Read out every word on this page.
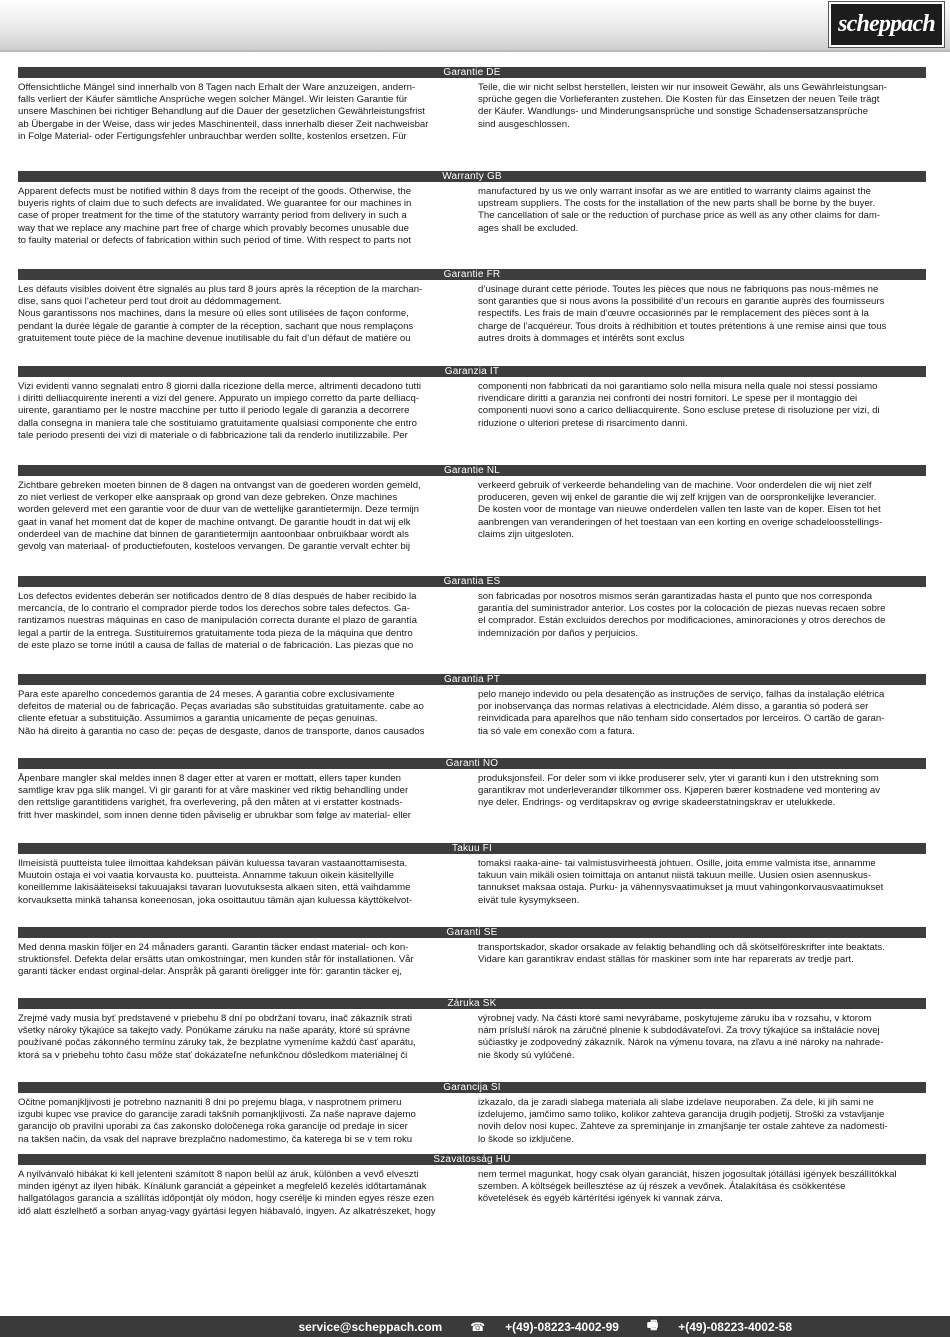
scheppach
Garantie DE
Offensichtliche Mängel sind innerhalb von 8 Tagen nach Erhalt der Ware anzuzeigen, andern-
falls verliert der Käufer sämtliche Ansprüche wegen solcher Mängel. Wir leisten Garantie für
unsere Maschinen bei richtiger Behandlung auf die Dauer der gesetzlichen Gewährleistungsfrist
ab Übergabe in der Weise, dass wir jedes Maschinenteil, dass innerhalb dieser Zeit nachweisbar
in Folge Material- oder Fertigungsfehler unbrauchbar werden sollte, kostenlos ersetzen. Für
Teile, die wir nicht selbst herstellen, leisten wir nur insoweit Gewähr, als uns Gewährleistungsan-
sprüche gegen die Vorlieferanten zustehen. Die Kosten für das Einsetzen der neuen Teile trägt
der Käufer. Wandlungs- und Minderungsansprüche und sonstige Schadensersatzansprüche
sind ausgeschlossen.
Warranty GB
Apparent defects must be notified within 8 days from the receipt of the goods. Otherwise, the
buyeris rights of claim due to such defects are invalidated. We guarantee for our machines in
case of proper treatment for the time of the statutory warranty period from delivery in such a
way that we replace any machine part free of charge which provably becomes unusable due
to faulty material or defects of fabrication within such period of time. With respect to parts not
manufactured by us we only warrant insofar as we are entitled to warranty claims against the
upstream suppliers. The costs for the installation of the new parts shall be borne by the buyer.
The cancellation of sale or the reduction of purchase price as well as any other claims for dam-
ages shall be excluded.
Garantie FR
Les défauts visibles doivent être signalés au plus tard 8 jours après la réception de la marchan-
dise, sans quoi l’acheteur perd tout droit au dédommagement.
Nous garantissons nos machines, dans la mesure où elles sont utilisées de façon conforme,
pendant la durée légale de garantie à compter de la réception, sachant que nous remplaçons
gratuitement toute pièce de la machine devenue inutilisable du fait d’un défaut de matière ou
d’usinage durant cette période. Toutes les pièces que nous ne fabriquons pas nous-mêmes ne
sont garanties que si nous avons la possibilité d’un recours en garantie auprès des fournisseurs
respectifs. Les frais de main d’œuvre occasionnés par le remplacement des pièces sont à la
charge de l’acquéreur. Tous droits à rédhibition et toutes prétentions à une remise ainsi que tous
autres droits à dommages et intérêts sont exclus
Garanzia IT
Vizi evidenti vanno segnalati entro 8 giorni dalla ricezione della merce, altrimenti decadono tutti
i diritti delliacquirente inerenti a vizi del genere. Appurato un impiego corretto da parte delliacq-
uirente, garantiamo per le nostre macchine per tutto il periodo legale di garanzia a decorrere
dalla consegna in maniera tale che sostituiamo gratuitamente qualsiasi componente che entro
tale periodo presenti dei vizi di materiale o di fabbricazione tali da renderlo inutilizzabile. Per
componenti non fabbricati da noi garantiamo solo nella misura nella quale noi stessi possiamo
rivendicare diritti a garanzia nei confronti dei nostri fornitori. Le spese per il montaggio dei
componenti nuovi sono a carico delliacquirente. Sono escluse pretese di risoluzione per vizi, di
riduzione o ulteriori pretese di risarcimento danni.
Garantie NL
Zichtbare gebreken moeten binnen de 8 dagen na ontvangst van de goederen worden gemeld,
zo niet verliest de verkoper elke aanspraak op grond van deze gebreken. Onze machines
worden geleverd met een garantie voor de duur van de wettelijke garantietermijn. Deze termijn
gaat in vanaf het moment dat de koper de machine ontvangt. De garantie houdt in dat wij elk
onderdeel van de machine dat binnen de garantietermijn aantoonbaar onbruikbaar wordt als
gevolg van materiaal- of productiefouten, kosteloos vervangen. De garantie vervalt echter bij
verkeerd gebruik of verkeerde behandeling van de machine. Voor onderdelen die wij niet zelf
produceren, geven wij enkel de garantie die wij zelf krijgen van de oorspronkelijke leverancier.
De kosten voor de montage van nieuwe onderdelen vallen ten laste van de koper. Eisen tot het
aanbrengen van veranderingen of het toestaan van een korting en overige schadeloosstellings-
claims zijn uitgesloten.
Garantia ES
Los defectos evidentes deberán ser notificados dentro de 8 días después de haber recibido la
mercancía, de lo contrario el comprador pierde todos los derechos sobre tales defectos. Ga-
rantizamos nuestras máquinas en caso de manipulación correcta durante el plazo de garantía
legal a partir de la entrega. Sustituiremos gratuitamente toda pieza de la máquina que dentro
de este plazo se torne inútil a causa de fallas de material o de fabricación. Las piezas que no
son fabricadas por nosotros mismos serán garantizadas hasta el punto que nos corresponda
garantía del suministrador anterior. Los costes por la colocación de piezas nuevas recaen sobre
el comprador. Están excluidos derechos por modificaciones, aminoraciones y otros derechos de
indemnización por daños y perjuicios.
Garantia PT
Para este aparelho concedemos garantia de 24 meses. A garantia cobre exclusivamente
defeitos de material ou de fabricação. Peças avariadas são substituidas gratuitamente. cabe ao
cliente efetuar a substituição. Assumimos a garantia unicamente de peças genuinas.
Não há direito à garantia no caso de: peças de desgaste, danos de transporte, danos causados
pelo manejo indevido ou pela desatenção as instruções de serviço, falhas da instalação elétrica
por inobservança das normas relativas à electricidade. Além disso, a garantia só poderá ser
reinvidicada para aparelhos que não tenham sido consertados por lerceiros. O cartão de garan-
tia só vale em conexão com a fatura.
Garanti NO
Åpenbare mangler skal meldes innen 8 dager etter at varen er mottatt, ellers taper kunden
samtlige krav pga slik mangel. Vi gir garanti for at våre maskiner ved riktig behandling under
den rettslige garantitidens varighet, fra overlevering, på den måten at vi erstatter kostnads-
fritt hver maskindel, som innen denne tiden påviselig er ubrukbar som følge av material- eller
produksjonsfeil. For deler som vi ikke produserer selv, yter vi garanti kun i den utstrekning som
garantikrav mot underleverandør tilkommer oss. Kjøperen bærer kostnadene ved montering av
nye deler. Endrings- og verditapskrav og øvrige skadeerstatningskrav er utelukkede.
Takuu FI
Ilmeisistä puutteista tulee ilmoittaa kahdeksan päivän kuluessa tavaran vastaanottamisesta.
Muutoin ostaja ei voi vaatia korvausta ko. puutteista. Annamme takuun oikein käsitellyille
koneillemme lakisääteiseksi takuuajaksi tavaran luovutuksesta alkaen siten, että vaihdamme
korvauksetta minkä tahansa koneenosan, joka osoittautuu tämän ajan kuluessa käyttökelvot-
tomaksi raaka-aine- tai valmistusvirheestä johtuen. Osille, joita emme valmista itse, annamme
takuun vain mikäli osien toimittaja on antanut niistä takuun meille. Uusien osien asennuskus-
tannukset maksaa ostaja. Purku- ja vähennysvaatimukset ja muut vahingonkorvausvaatimukset
eivät tule kysymykseen.
Garanti SE
Med denna maskin följer en 24 månaders garanti. Garantin täcker endast material- och kon-
struktionsfel. Defekta delar ersätts utan omkostningar, men kunden står för installationen. Vår
garanti täcker endast orginal-delar. Anspråk på garanti öreligger inte för: garantin täcker ej,
transportskador, skador orsakade av felaktig behandling och då skötselföreskrifter inte beaktats.
Vidare kan garantikrav endast ställas för maskiner som inte har reparerats av tredje part.
Záruka SK
Zrejmé vady musia byť predstavené v priebehu 8 dní po obdržaní tovaru, inač zákazník strati
všetky nároky týkajúce sa takejto vady. Ponúkame záruku na naše aparáty, ktoré sú správne
používané počas zákonného termínu záruky tak, že bezplatne vymeníme každú časť aparátu,
ktorá sa v priebehu tohto času môže stať dokázateľne nefunkčnou dôsledkom materiálnej či
výrobnej vady. Na části ktoré sami nevyrábame, poskytujeme záruku iba v rozsahu, v ktorom
nám prísluší nárok na záručné plnenie k subdodávateľovi. Za trovy týkajúce sa inštalácie novej
súčiastky je zodpovedný zákazník. Nárok na výmenu tovara, na zľavu a iné nároky na nahrade-
nie škody sú vylúčené.
Garancija SI
Očitne pomanjkljivosti je potrebno naznaniti 8 dni po prejemu blaga, v nasprotnem primeru
izgubi kupec vse pravice do garancije zaradi takšnih pomanjkljivosti. Za naše naprave dajemo
garancijo ob pravilni uporabi za čas zakonsko določenega roka garancije od predaje in sicer
na takšen način, da vsak del naprave brezplačno nadomestimo, ča katerega bi se v tem roku
izkazalo, da je zaradi slabega materiala ali slabe izdelave neuporaben. Za dele, ki jih sami ne
izdelujemo, jamčimo samo toliko, kolikor zahteva garancija drugih podjetij. Stroški za vstavljanje
novih delov nosi kupec. Zahteve za spreminjanje in zmanjšanje ter ostale zahteve za nadomesti-
lo škode so izključene.
Szavatosság HU
A nyilvánvaló hibákat ki kell jelenteni számított 8 napon belül az áruk, különben a vevő elveszti
minden igényt az ilyen hibák. Kínálunk garanciát a gépeinket a megfelelő kezelés időtartamának
hallgatólagos garancia a szállítás időpontját oly módon, hogy cserélje ki minden egyes része ezen
idő alatt észlelhető a sorban anyag-vagy gyártási legyen hiábavaló, ingyen. Az alkatrészeket, hogy
nem termel magunkat, hogy csak olyan garanciát, hiszen jogosultak jótállási igények beszállítókkal
szemben. A költségek beillesztése az új részek a vevőnek. Átalakítása és csökkentése
követelések és egyéb kártérítési igények ki vannak zárva.
service@scheppach.com ☎ +(49)-08223-4002-99 🖷 +(49)-08223-4002-58
